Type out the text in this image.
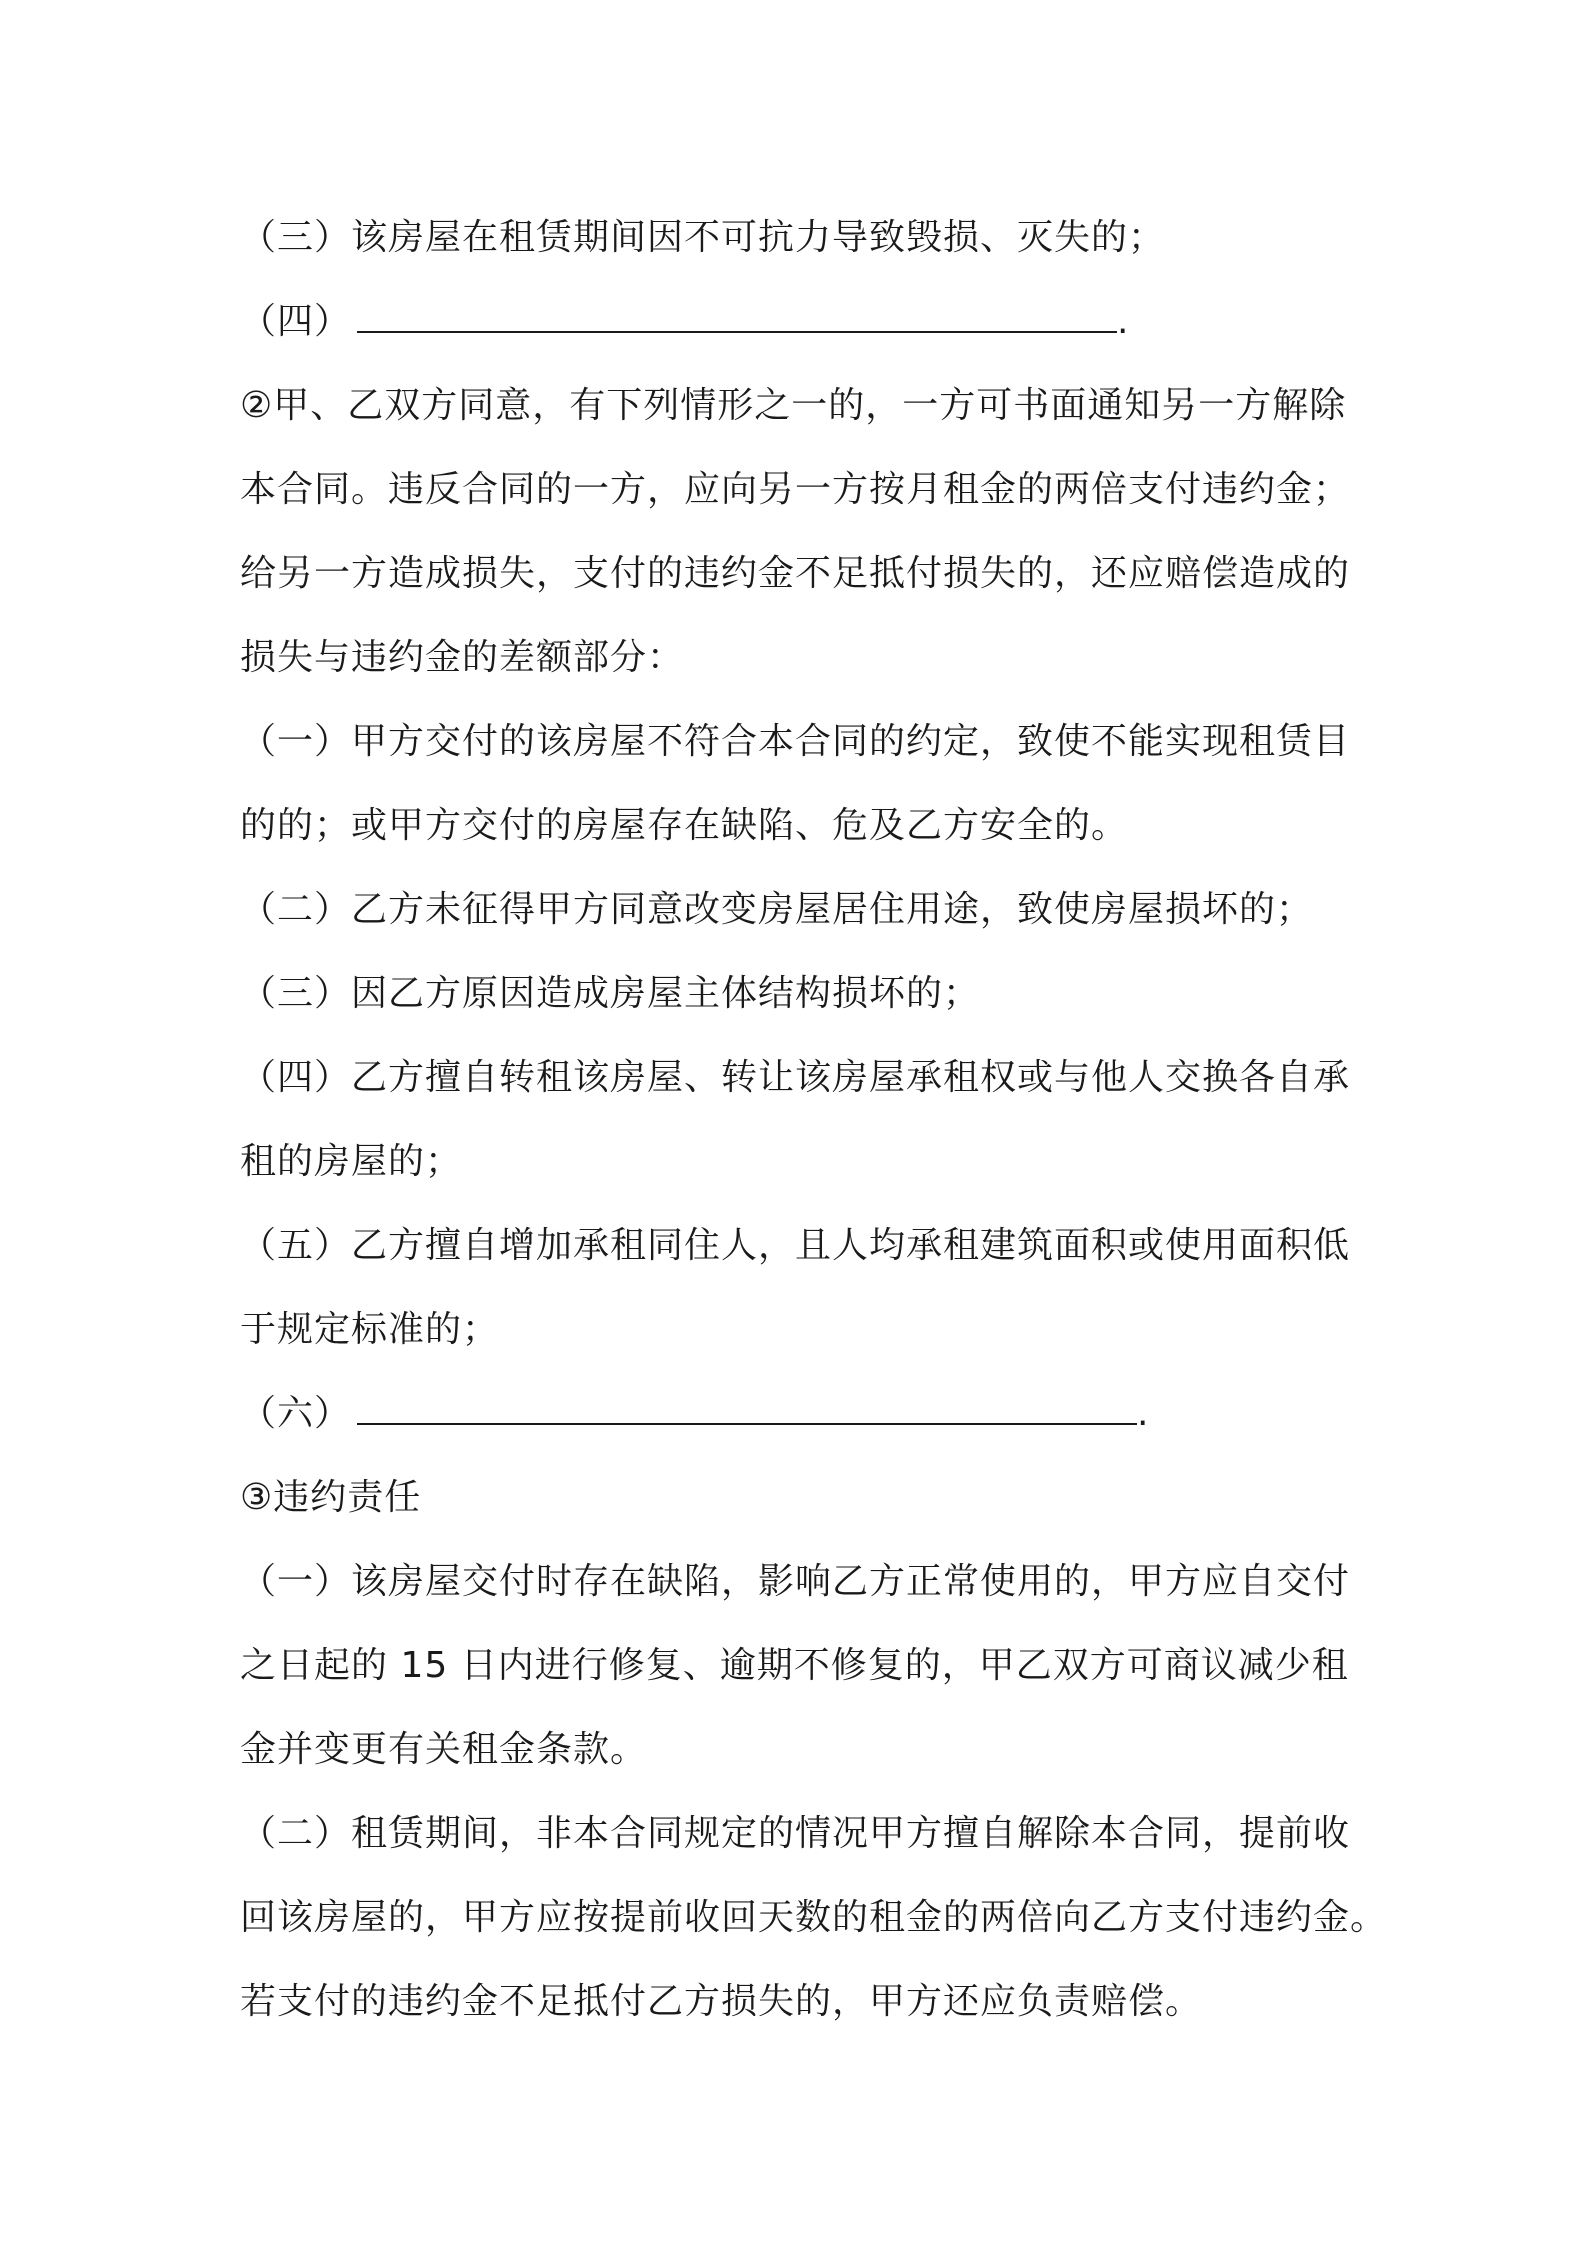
（三）该房屋在租赁期间因不可抗力导致毁损、灭失的；
（四）	.
②甲、乙双方同意，有下列情形之一的，一方可书面通知另一方解除
本合同。违反合同的一方，应向另一方按月租金的两倍支付违约金；
给另一方造成损失，支付的违约金不足抵付损失的，还应赔偿造成的
损失与违约金的差额部分：
（一）甲方交付的该房屋不符合本合同的约定，致使不能实现租赁目
的的；或甲方交付的房屋存在缺陷、危及乙方安全的。
（二）乙方未征得甲方同意改变房屋居住用途，致使房屋损坏的；
（三）因乙方原因造成房屋主体结构损坏的；
（四）乙方擅自转租该房屋、转让该房屋承租权或与他人交换各自承
租的房屋的；
（五）乙方擅自增加承租同住人，且人均承租建筑面积或使用面积低
于规定标准的；
（六）	.
③违约责任
（一）该房屋交付时存在缺陷，影响乙方正常使用的，甲方应自交付
之日起的 15 日内进行修复、逾期不修复的，甲乙双方可商议减少租
金并变更有关租金条款。
（二）租赁期间，非本合同规定的情况甲方擅自解除本合同，提前收
回该房屋的，甲方应按提前收回天数的租金的两倍向乙方支付违约金。
若支付的违约金不足抵付乙方损失的，甲方还应负责赔偿。
